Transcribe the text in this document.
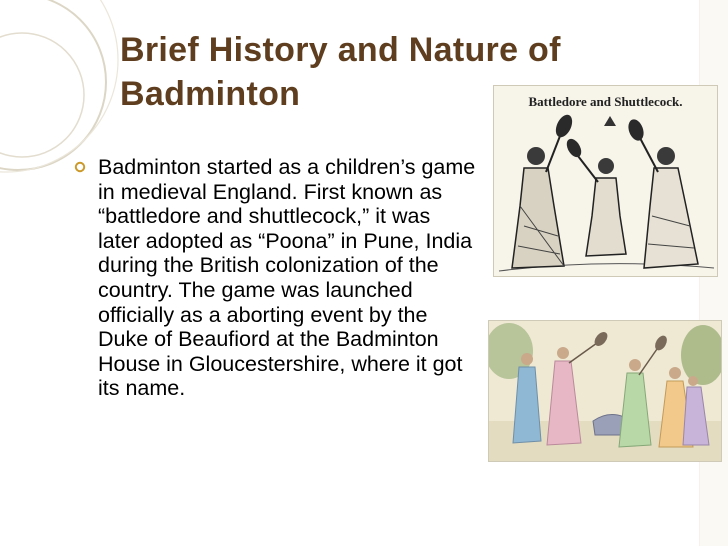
Brief History and Nature of Badminton
Badminton started as a children’s game in medieval England. First known as “battledore and shuttlecock,” it was later adopted as “Poona” in Pune, India during the British colonization of the country. The game was launched officially as a aborting event by the Duke of Beaufiord at the Badminton House in Gloucestershire, where it got its name.
Battledore and Shuttlecock.
